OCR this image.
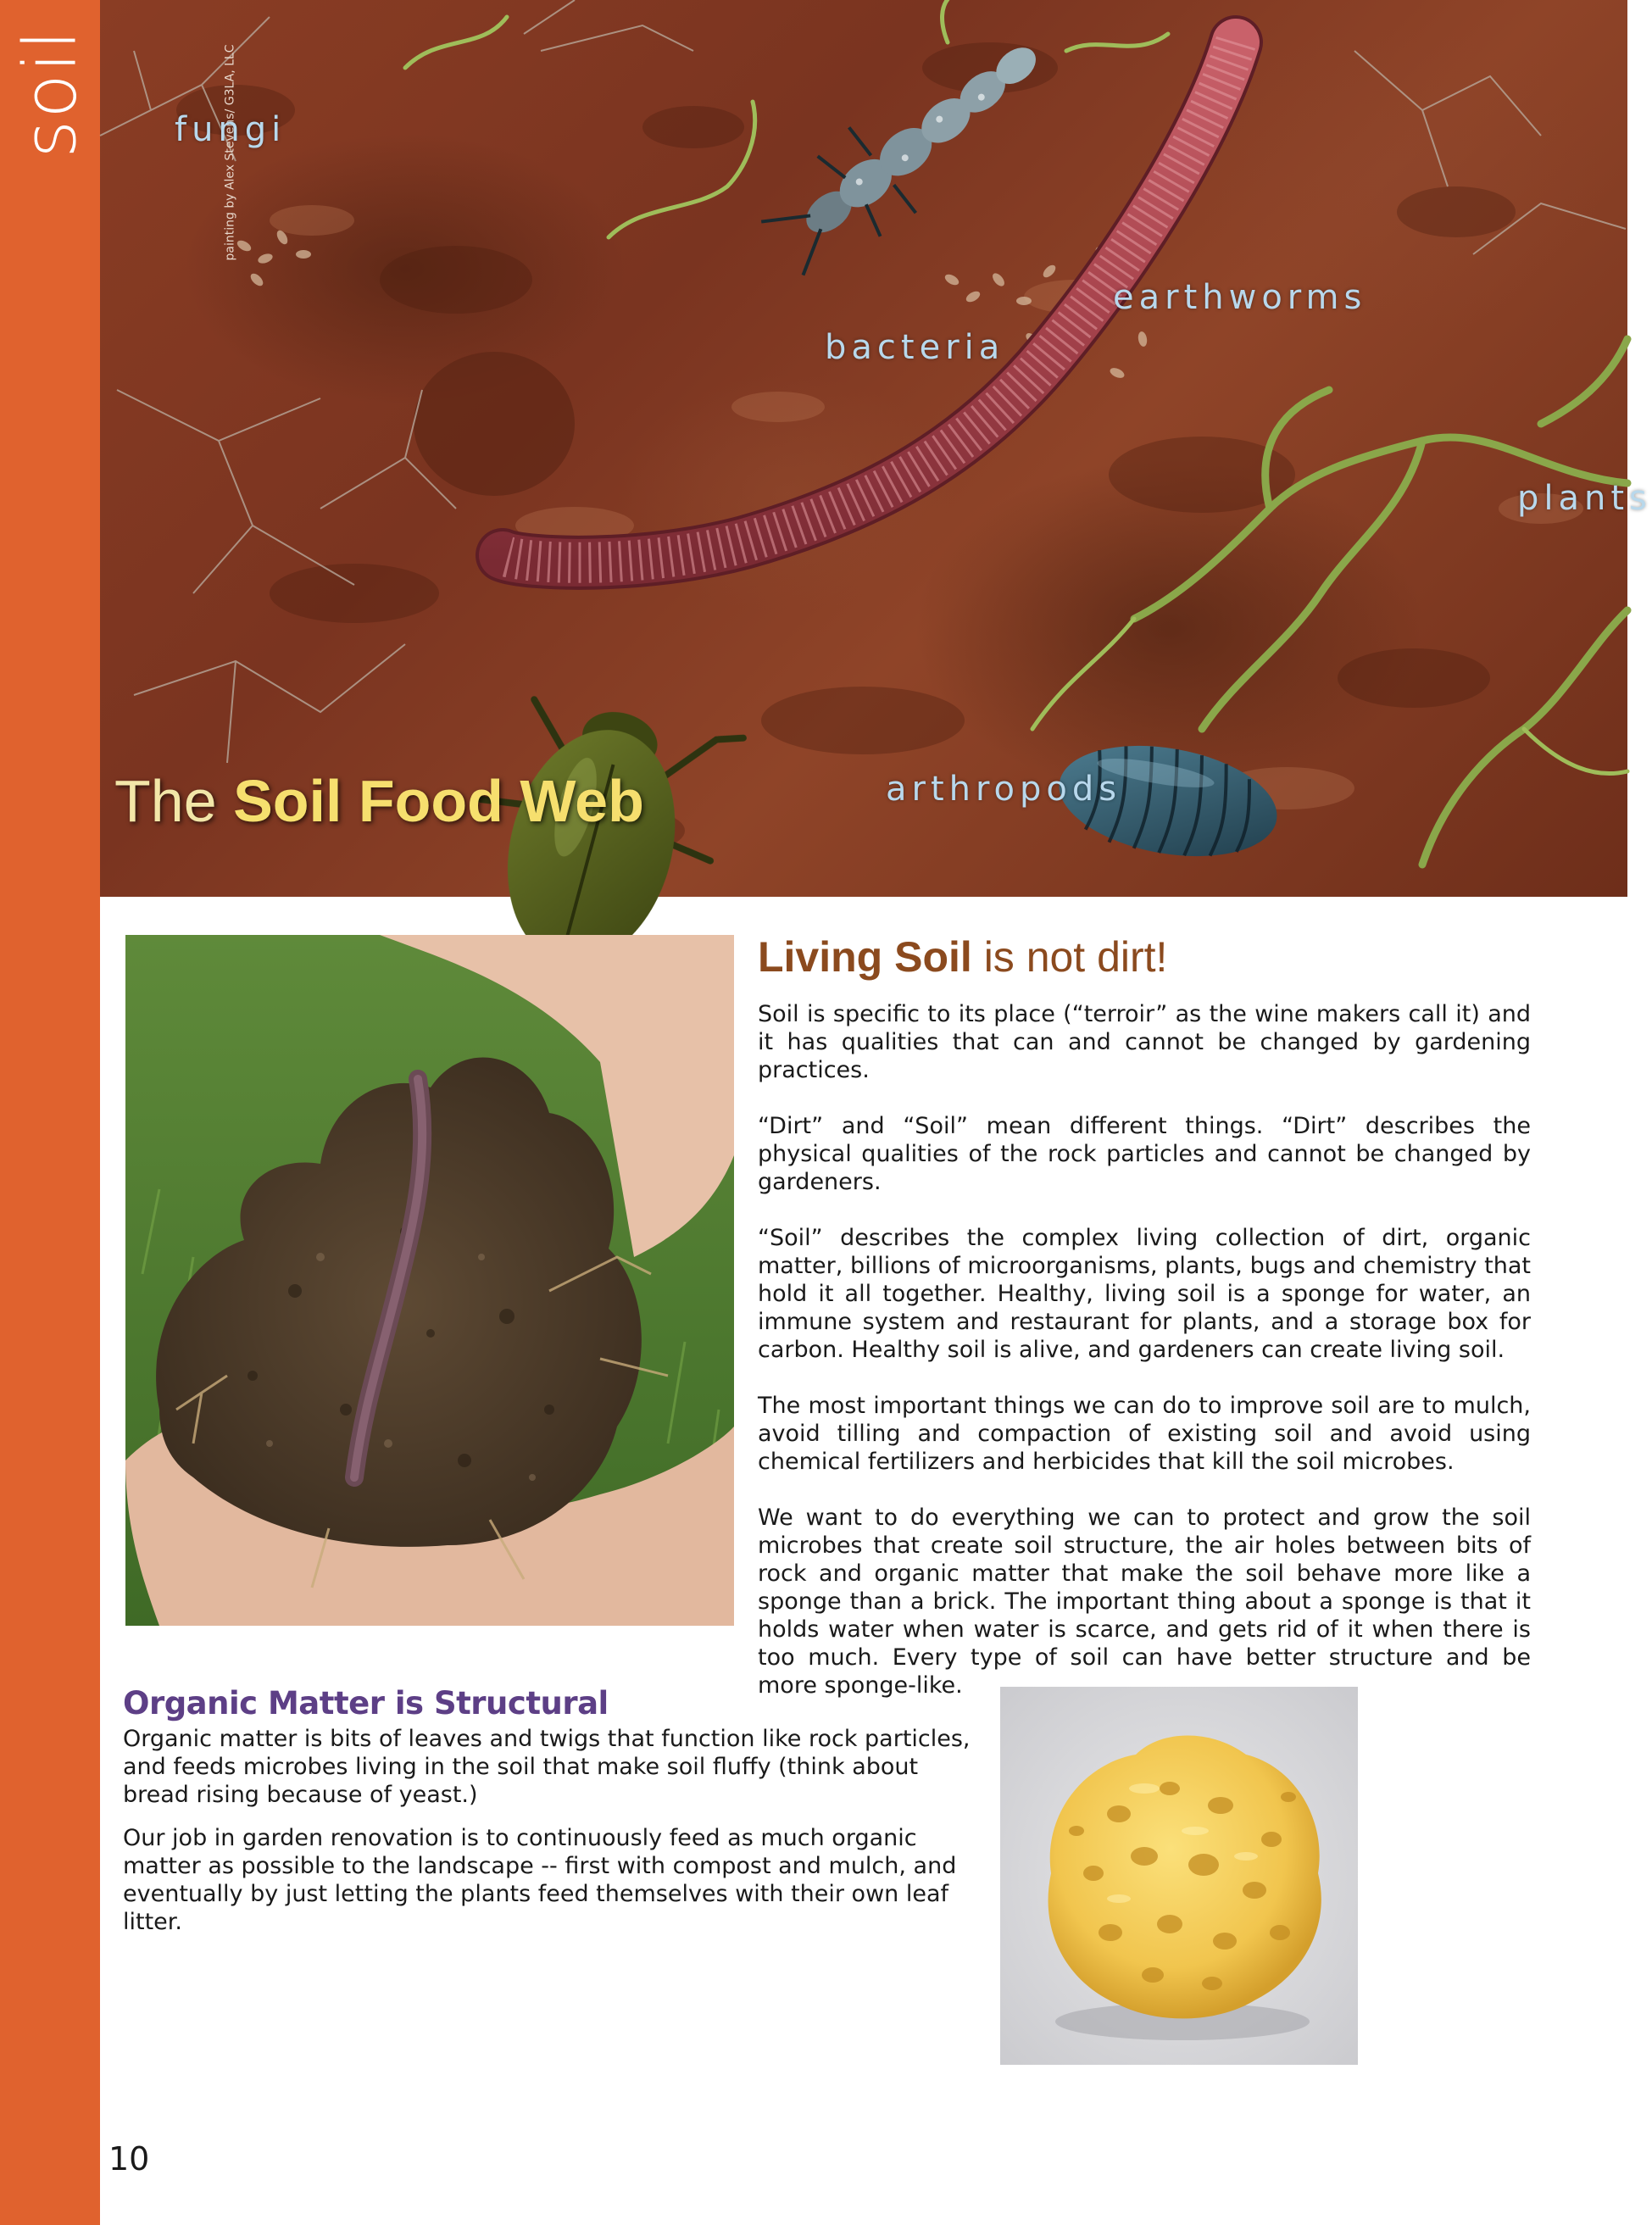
soil	painting by Alex Stevens/ G3LA, LLC
fungi
bacteria
earthworms
plants
arthropods
The Soil Food Web
Living Soil is not dirt!

Soil is specific to its place (“terroir” as the wine makers call it) and it has qualities that can and cannot be changed by gardening practices.

“Dirt” and “Soil” mean different things. “Dirt” describes the physical qualities of the rock particles and cannot be changed by gardeners.

“Soil” describes the complex living collection of dirt, organic matter, billions of microorganisms, plants, bugs and chemistry that hold it all together. Healthy, living soil is a sponge for water, an immune system and restaurant for plants, and a storage box for carbon. Healthy soil is alive, and gardeners can create living soil.

The most important things we can do to improve soil are to mulch, avoid tilling and compaction of existing soil and avoid using chemical fertilizers and herbicides that kill the soil microbes.

We want to do everything we can to protect and grow the soil microbes that create soil structure, the air holes between bits of rock and organic matter that make the soil behave more like a sponge than a brick. The important thing about a sponge is that it holds water when water is scarce, and gets rid of it when there is too much. Every type of soil can have better structure and be more sponge-like.

Organic Matter is Structural

Organic matter is bits of leaves and twigs that function like rock particles, and feeds microbes living in the soil that make soil fluffy (think about bread rising because of yeast.)

Our job in garden renovation is to continuously feed as much organic matter as possible to the landscape -- first with compost and mulch, and eventually by just letting the plants feed themselves with their own leaf litter.

10
